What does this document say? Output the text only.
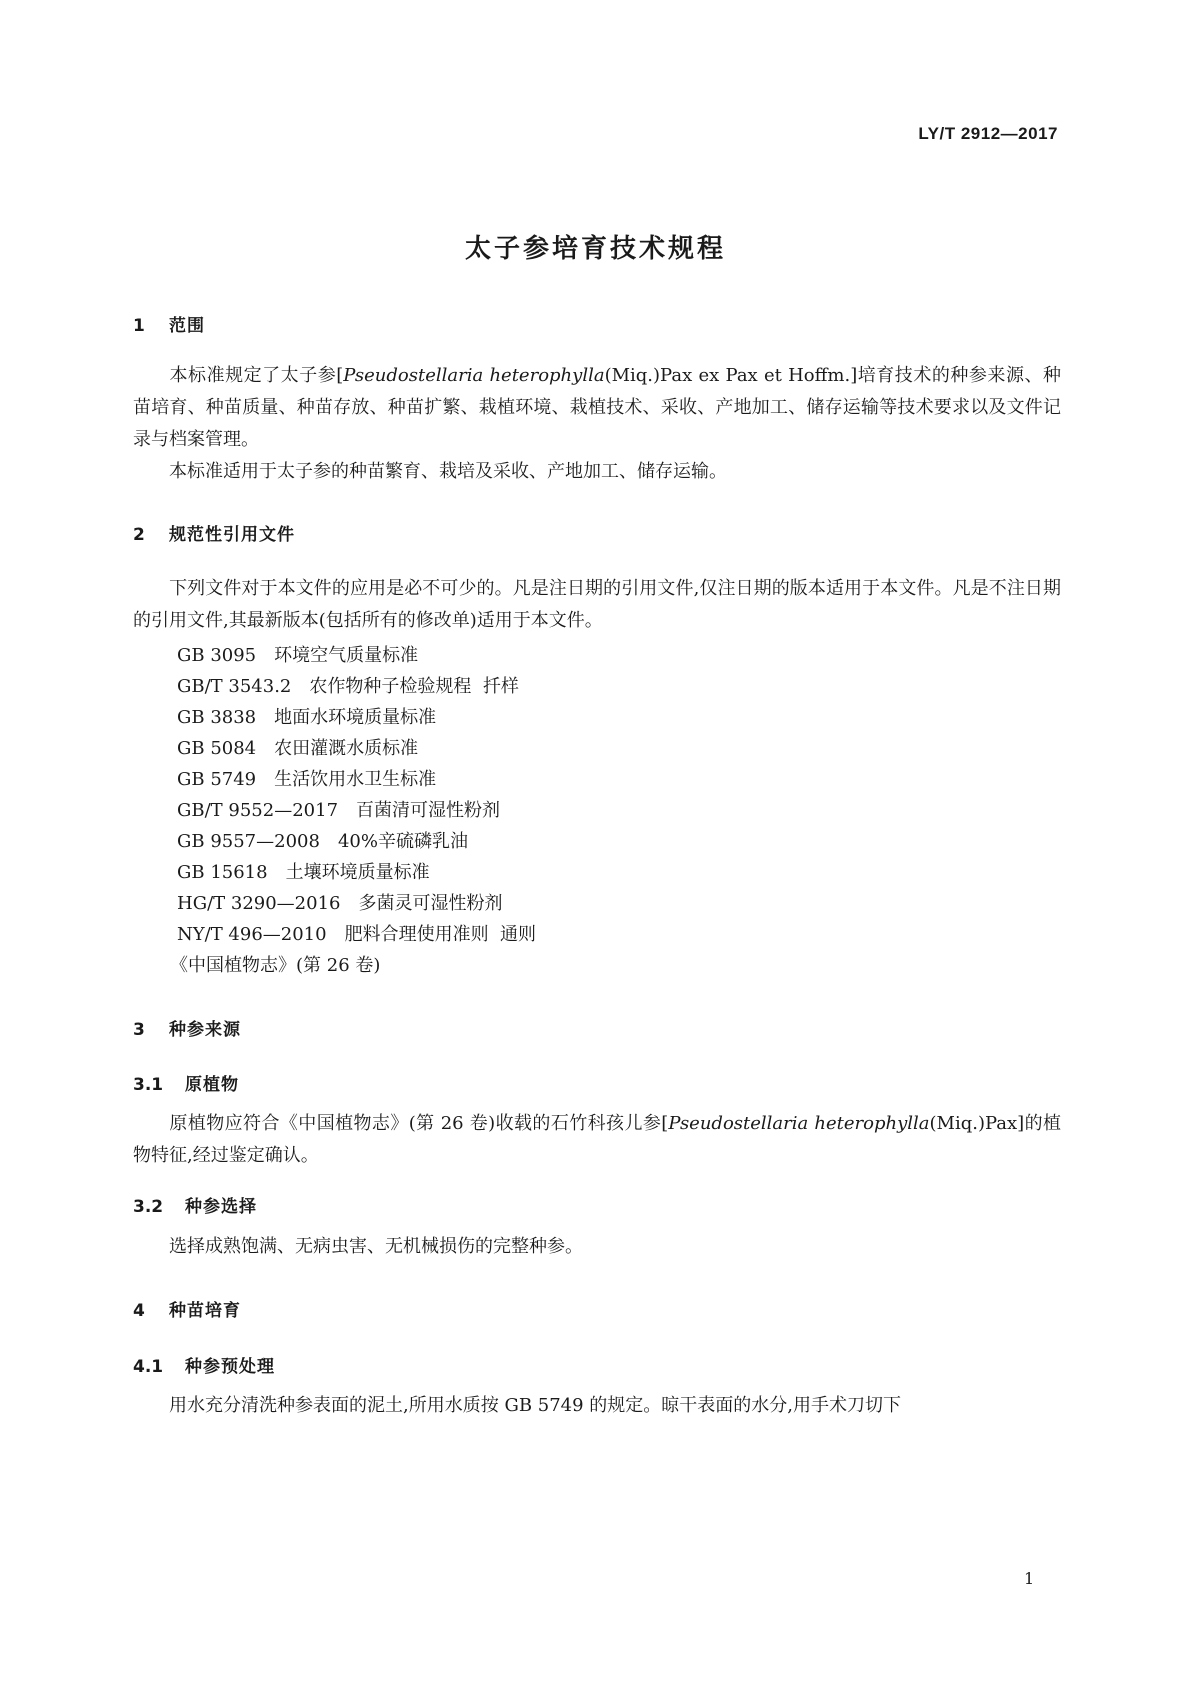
LY/T 2912—2017
太子参培育技术规程
1 范围

本标准规定了太子参[Pseudostellaria heterophylla(Miq.)Pax ex Pax et Hoffm.]培育技术的种参来源、种苗培育、种苗质量、种苗存放、种苗扩繁、栽植环境、栽植技术、采收、产地加工、储存运输等技术要求以及文件记录与档案管理。

本标准适用于太子参的种苗繁育、栽培及采收、产地加工、储存运输。

2 规范性引用文件

下列文件对于本文件的应用是必不可少的。凡是注日期的引用文件,仅注日期的版本适用于本文件。凡是不注日期的引用文件,其最新版本(包括所有的修改单)适用于本文件。

GB 3095 环境空气质量标准
GB/T 3543.2 农作物种子检验规程  扦样
GB 3838 地面水环境质量标准
GB 5084 农田灌溉水质标准
GB 5749 生活饮用水卫生标准
GB/T 9552—2017 百菌清可湿性粉剂
GB 9557—2008 40%辛硫磷乳油
GB 15618 土壤环境质量标准
HG/T 3290—2016 多菌灵可湿性粉剂
NY/T 496—2010 肥料合理使用准则  通则
《中国植物志》(第 26 卷)
3 种参来源
3.1 原植物

原植物应符合《中国植物志》(第 26 卷)收载的石竹科孩儿参[Pseudostellaria heterophylla(Miq.)Pax]的植物特征,经过鉴定确认。

3.2 种参选择

选择成熟饱满、无病虫害、无机械损伤的完整种参。

4 种苗培育
4.1 种参预处理

用水充分清洗种参表面的泥土,所用水质按 GB 5749 的规定。晾干表面的水分,用手术刀切下

1
